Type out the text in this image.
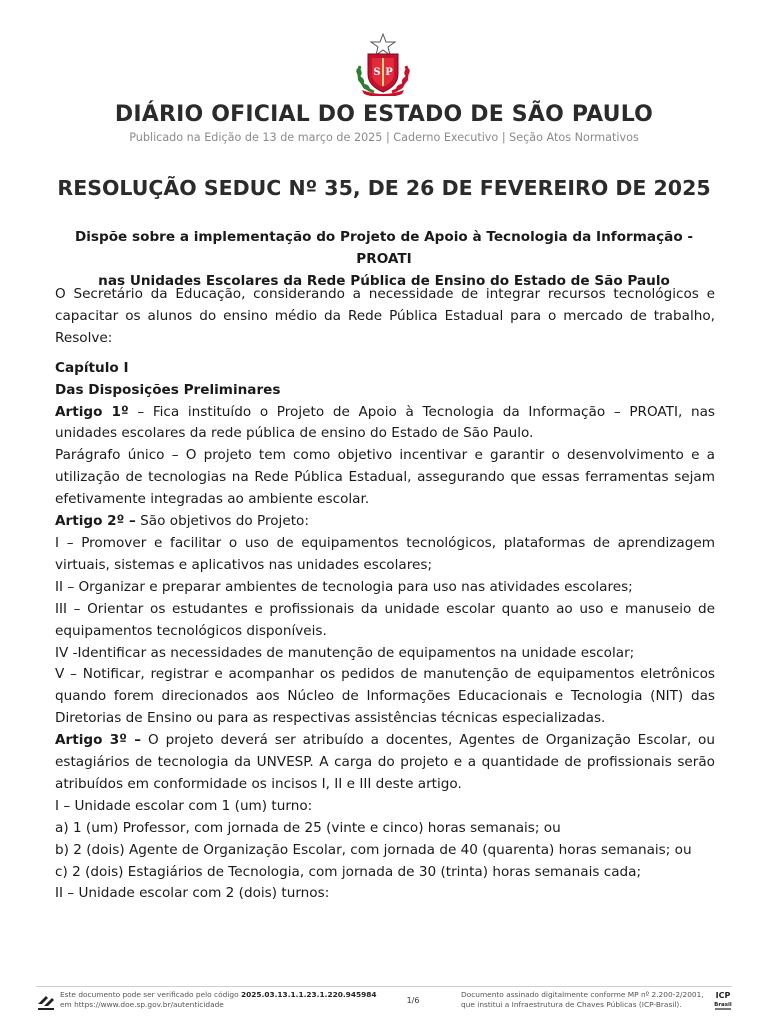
S P
DIÁRIO OFICIAL DO ESTADO DE SÃO PAULO
Publicado na Edição de 13 de março de 2025 | Caderno Executivo | Seção Atos Normativos
RESOLUÇÃO SEDUC Nº 35, DE 26 DE FEVEREIRO DE 2025
Dispõe sobre a implementação do Projeto de Apoio à Tecnologia da Informação -PROATI
nas Unidades Escolares da Rede Pública de Ensino do Estado de São Paulo

O Secretário da Educação, considerando a necessidade de integrar recursos tecnológicos e capacitar os alunos do ensino médio da Rede Pública Estadual para o mercado de trabalho, Resolve:

Capítulo I

Das Disposições Preliminares

Artigo 1º – Fica instituído o Projeto de Apoio à Tecnologia da Informação – PROATI, nas unidades escolares da rede pública de ensino do Estado de São Paulo.

Parágrafo único – O projeto tem como objetivo incentivar e garantir o desenvolvimento e a utilização de tecnologias na Rede Pública Estadual, assegurando que essas ferramentas sejam efetivamente integradas ao ambiente escolar.

Artigo 2º – São objetivos do Projeto:

I – Promover e facilitar o uso de equipamentos tecnológicos, plataformas de aprendizagem virtuais, sistemas e aplicativos nas unidades escolares;

II – Organizar e preparar ambientes de tecnologia para uso nas atividades escolares;

III – Orientar os estudantes e profissionais da unidade escolar quanto ao uso e manuseio de equipamentos tecnológicos disponíveis.

IV -Identificar as necessidades de manutenção de equipamentos na unidade escolar;

V – Notificar, registrar e acompanhar os pedidos de manutenção de equipamentos eletrônicos quando forem direcionados aos Núcleo de Informações Educacionais e Tecnologia (NIT) das Diretorias de Ensino ou para as respectivas assistências técnicas especializadas.

Artigo 3º – O projeto deverá ser atribuído a docentes, Agentes de Organização Escolar, ou estagiários de tecnologia da UNVESP. A carga do projeto e a quantidade de profissionais serão atribuídos em conformidade os incisos I, II e III deste artigo.

I – Unidade escolar com 1 (um) turno:

a) 1 (um) Professor, com jornada de 25 (vinte e cinco) horas semanais; ou

b) 2 (dois) Agente de Organização Escolar, com jornada de 40 (quarenta) horas semanais; ou

c) 2 (dois) Estagiários de Tecnologia, com jornada de 30 (trinta) horas semanais cada;

II – Unidade escolar com 2 (dois) turnos:

Este documento pode ser verificado pelo código 2025.03.13.1.1.23.1.220.945984
em https://www.doe.sp.gov.br/autenticidade	1/6
Documento assinado digitalmente conforme MP nº 2.200-2/2001,
que institui a Infraestrutura de Chaves Públicas (ICP-Brasil).
ICP
Brasil
